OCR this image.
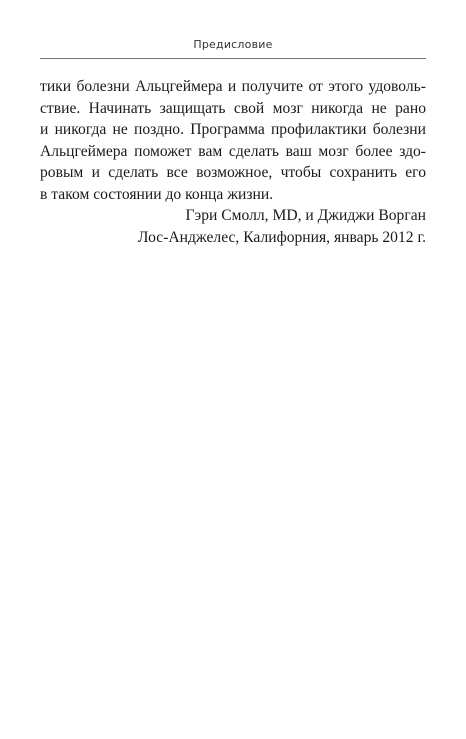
Предисловие
тики болезни Альцгеймера и получите от этого удоволь-
ствие. Начинать защищать свой мозг никогда не рано
и никогда не поздно. Программа профилактики болезни
Альцгеймера поможет вам сделать ваш мозг более здо-
ровым и сделать все возможное, чтобы сохранить его
в таком состоянии до конца жизни.
Гэри Смолл, MD, и Джиджи Ворган
Лос-Анджелес, Калифорния, январь 2012 г.
